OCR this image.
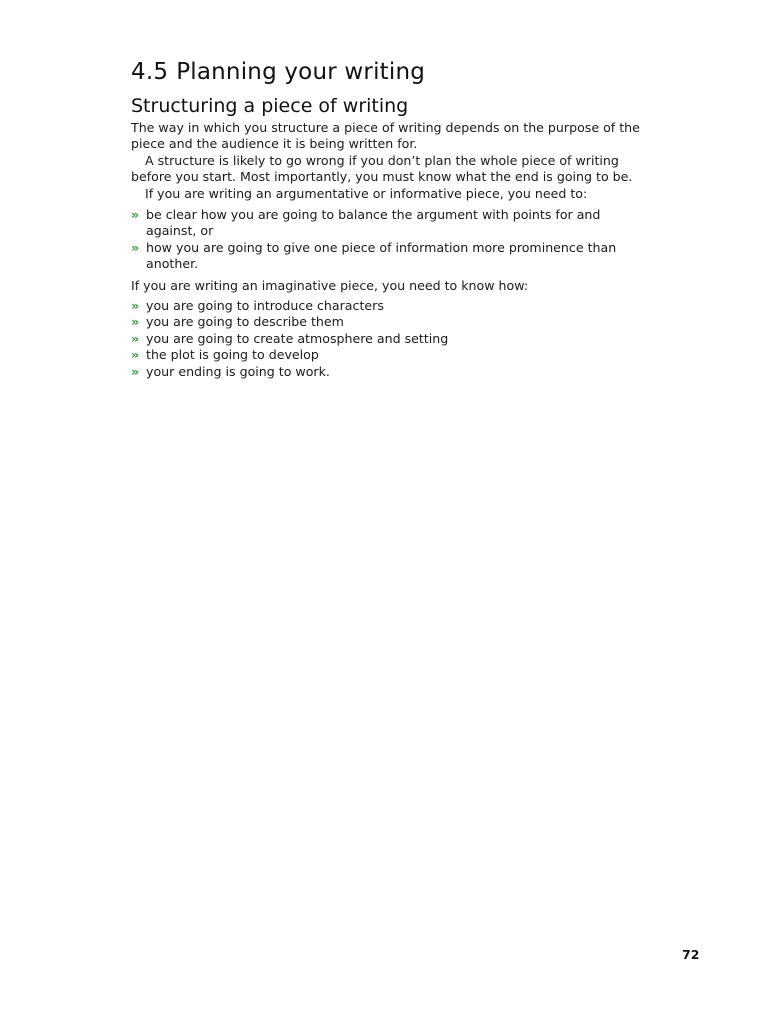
4.5 Planning your writing
Structuring a piece of writing

The way in which you structure a piece of writing depends on the purpose of the piece and the audience it is being written for.

A structure is likely to go wrong if you don’t plan the whole piece of writing before you start. Most importantly, you must know what the end is going to be.

If you are writing an argumentative or informative piece, you need to:

» be clear how you are going to balance the argument with points for and against, or
» how you are going to give one piece of information more prominence than another.

If you are writing an imaginative piece, you need to know how:

» you are going to introduce characters
» you are going to describe them
» you are going to create atmosphere and setting
» the plot is going to develop
» your ending is going to work.
72
